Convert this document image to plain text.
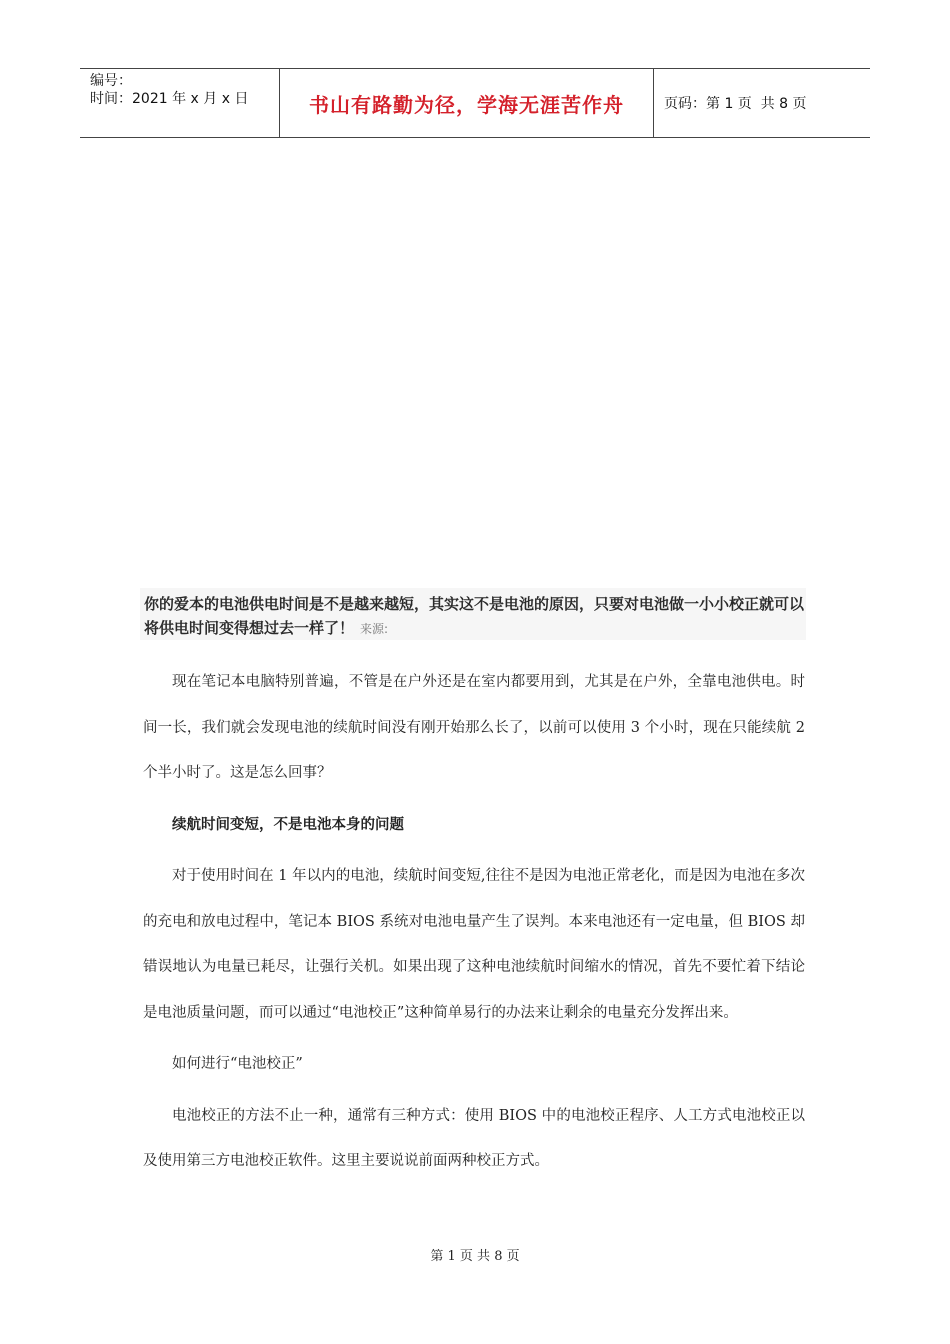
编号：
时间：2021 年 x 月 x 日	书山有路勤为径，学海无涯苦作舟	页码：第 1 页  共 8 页
你的爱本的电池供电时间是不是越来越短，其实这不是电池的原因，只要对电池做一小小校正就可以将供电时间变得想过去一样了！ 来源:

现在笔记本电脑特别普遍，不管是在户外还是在室内都要用到，尤其是在户外，全靠电池供电。时间一长，我们就会发现电池的续航时间没有刚开始那么长了，以前可以使用 3 个小时，现在只能续航 2 个半小时了。这是怎么回事？

续航时间变短，不是电池本身的问题

对于使用时间在 1 年以内的电池，续航时间变短,往往不是因为电池正常老化，而是因为电池在多次的充电和放电过程中，笔记本 BIOS 系统对电池电量产生了误判。本来电池还有一定电量，但 BIOS 却错误地认为电量已耗尽，让强行关机。如果出现了这种电池续航时间缩水的情况，首先不要忙着下结论是电池质量问题，而可以通过“电池校正”这种简单易行的办法来让剩余的电量充分发挥出来。

如何进行“电池校正”

电池校正的方法不止一种，通常有三种方式：使用 BIOS 中的电池校正程序、人工方式电池校正以及使用第三方电池校正软件。这里主要说说前面两种校正方式。

第 1 页 共 8 页
